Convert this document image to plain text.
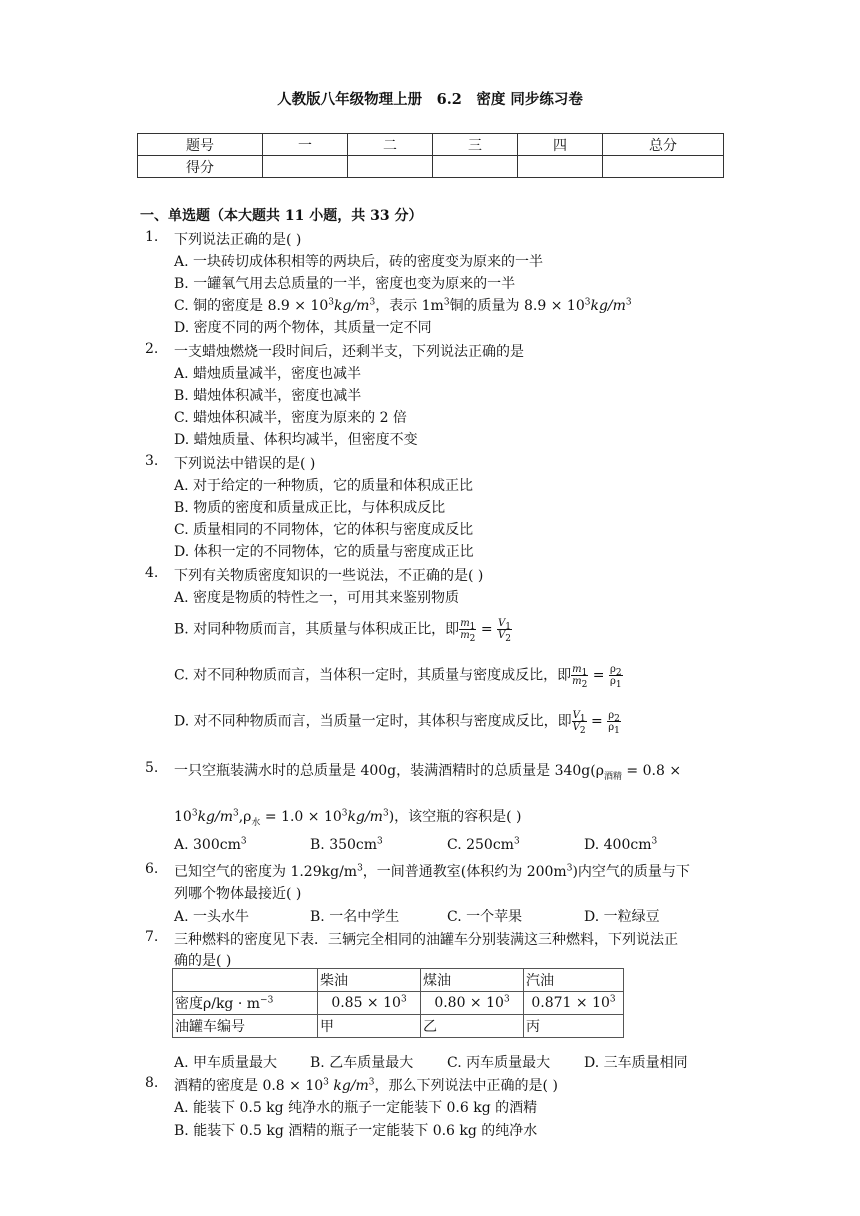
人教版八年级物理上册　6.2　密度 同步练习卷
题号	一	二	三	四	总分
得分					
一、单选题（本大题共 11 小题，共 33 分）
1. 下列说法正确的是( )
A. 一块砖切成体积相等的两块后，砖的密度变为原来的一半
B. 一罐氧气用去总质量的一半，密度也变为原来的一半
C. 铜的密度是 $8.9 \times 10^3kg/m^3$，表示 $1m^3$铜的质量为 $8.9 \times 10^3kg/m^3$
D. 密度不同的两个物体，其质量一定不同
2. 一支蜡烛燃烧一段时间后，还剩半支，下列说法正确的是
A. 蜡烛质量减半，密度也减半
B. 蜡烛体积减半，密度也减半
C. 蜡烛体积减半，密度为原来的 2 倍
D. 蜡烛质量、体积均减半，但密度不变
3. 下列说法中错误的是( )
A. 对于给定的一种物质，它的质量和体积成正比
B. 物质的密度和质量成正比，与体积成反比
C. 质量相同的不同物体，它的体积与密度成反比
D. 体积一定的不同物体，它的质量与密度成正比
4. 下列有关物质密度知识的一些说法，不正确的是( )
A. 密度是物质的特性之一，可用其来鉴别物质
B. 对同种物质而言，其质量与体积成正比，即 $\frac{m_1}{m_2} = \frac{V_1}{V_2}$
C. 对不同种物质而言，当体积一定时，其质量与密度成反比，即 $\frac{m_1}{m_2} = \frac{\rho_2}{\rho_1}$
D. 对不同种物质而言，当质量一定时，其体积与密度成反比，即 $\frac{V_1}{V_2} = \frac{\rho_2}{\rho_1}$
5. 一只空瓶装满水时的总质量是 400g，装满酒精时的总质量是 $340g(\rho_{酒精} = 0.8$ ×
$10^3kg/m^3,\rho_水 = 1.0 \times 10^3kg/m^3$)，该空瓶的容积是( )
A. $300cm^3$	B. $350cm^3$	C. $250cm^3$	D. $400cm^3$
6. 已知空气的密度为 $1.29kg/m^3$，一间普通教室(体积约为 $200m^3$)内空气的质量与下
列哪个物体最接近( )
A. 一头水牛	B. 一名中学生	C. 一个苹果	D. 一粒绿豆
7. 三种燃料的密度见下表．三辆完全相同的油罐车分别装满这三种燃料，下列说法正
确的是( )
	柴油	煤油	汽油
密度$\rho/kg \cdot m^{-3}$	$0.85 \times 10^3$	$0.80 \times 10^3$	$0.871 \times 10^3$
油罐车编号	甲	乙	丙
A. 甲车质量最大 B. 乙车质量最大 C. 丙车质量最大 D. 三车质量相同
8. 酒精的密度是 $0.8 \times 10^3$ $kg/m^3$，那么下列说法中正确的是( )
A. 能装下 0.5 kg 纯净水的瓶子一定能装下 0.6 kg 的酒精
B. 能装下 0.5 kg 酒精的瓶子一定能装下 0.6 kg 的纯净水
